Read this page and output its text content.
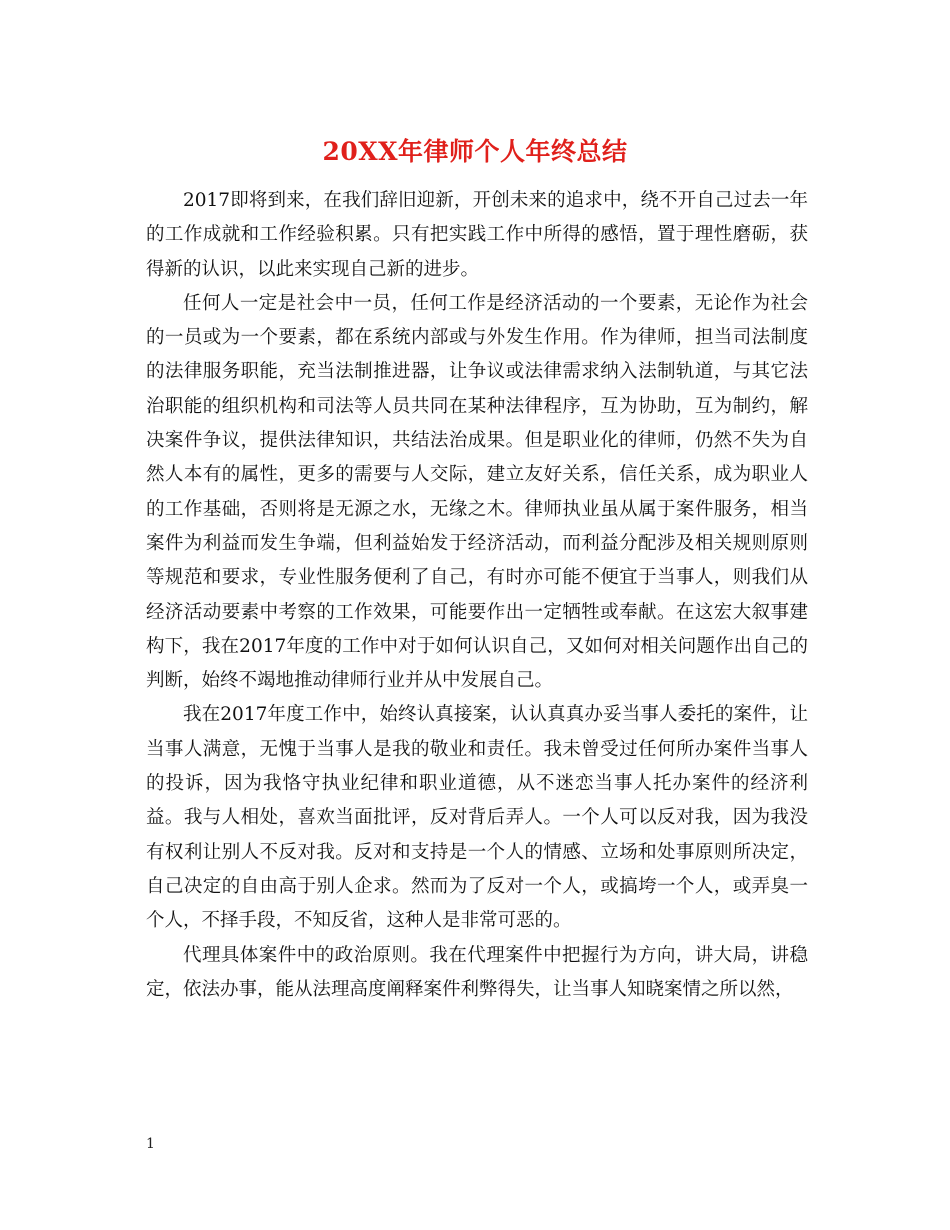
20XX年律师个人年终总结

2017即将到来，在我们辞旧迎新，开创未来的追求中，绕不开自己过去一年的工作成就和工作经验积累。只有把实践工作中所得的感悟，置于理性磨砺，获得新的认识，以此来实现自己新的进步。

任何人一定是社会中一员，任何工作是经济活动的一个要素，无论作为社会的一员或为一个要素，都在系统内部或与外发生作用。作为律师，担当司法制度的法律服务职能，充当法制推进器，让争议或法律需求纳入法制轨道，与其它法治职能的组织机构和司法等人员共同在某种法律程序，互为协助，互为制约，解决案件争议，提供法律知识，共结法治成果。但是职业化的律师，仍然不失为自然人本有的属性，更多的需要与人交际，建立友好关系，信任关系，成为职业人的工作基础，否则将是无源之水，无缘之木。律师执业虽从属于案件服务，相当案件为利益而发生争端，但利益始发于经济活动，而利益分配涉及相关规则原则等规范和要求，专业性服务便利了自己，有时亦可能不便宜于当事人，则我们从经济活动要素中考察的工作效果，可能要作出一定牺牲或奉献。在这宏大叙事建构下，我在2017年度的工作中对于如何认识自己，又如何对相关问题作出自己的判断，始终不竭地推动律师行业并从中发展自己。

我在2017年度工作中，始终认真接案，认认真真办妥当事人委托的案件，让当事人满意，无愧于当事人是我的敬业和责任。我未曾受过任何所办案件当事人的投诉，因为我恪守执业纪律和职业道德，从不迷恋当事人托办案件的经济利益。我与人相处，喜欢当面批评，反对背后弄人。一个人可以反对我，因为我没有权利让别人不反对我。反对和支持是一个人的情感、立场和处事原则所决定，自己决定的自由高于别人企求。然而为了反对一个人，或搞垮一个人，或弄臭一个人，不择手段，不知反省，这种人是非常可恶的。

代理具体案件中的政治原则。我在代理案件中把握行为方向，讲大局，讲稳定，依法办事，能从法理高度阐释案件利弊得失，让当事人知晓案情之所以然，

1
